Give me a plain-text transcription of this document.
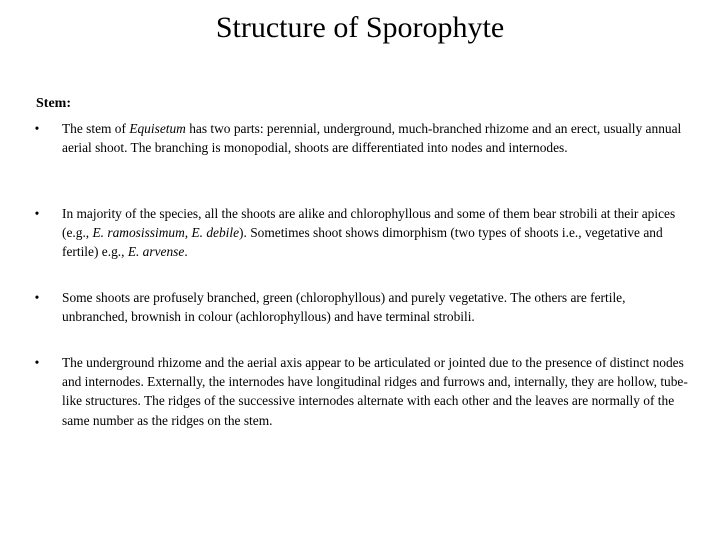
Structure of Sporophyte
Stem:
•	The stem of Equisetum has two parts: perennial, underground, much-branched rhizome and an erect, usually annual aerial shoot. The branching is monopodial, shoots are differentiated into nodes and internodes.
•	In majority of the species, all the shoots are alike and chlorophyllous and some of them bear strobili at their apices (e.g., E. ramosissimum, E. debile). Sometimes shoot shows dimorphism (two types of shoots i.e., vegetative and fertile) e.g., E. arvense.
•	Some shoots are profusely branched, green (chlorophyllous) and purely vegetative. The others are fertile, unbranched, brownish in colour (achlorophyllous) and have terminal strobili.
•	The underground rhizome and the aerial axis appear to be articulated or jointed due to the presence of distinct nodes and internodes. Externally, the internodes have longitudinal ridges and furrows and, internally, they are hollow, tube-like structures. The ridges of the successive internodes alternate with each other and the leaves are normally of the same number as the ridges on the stem.
